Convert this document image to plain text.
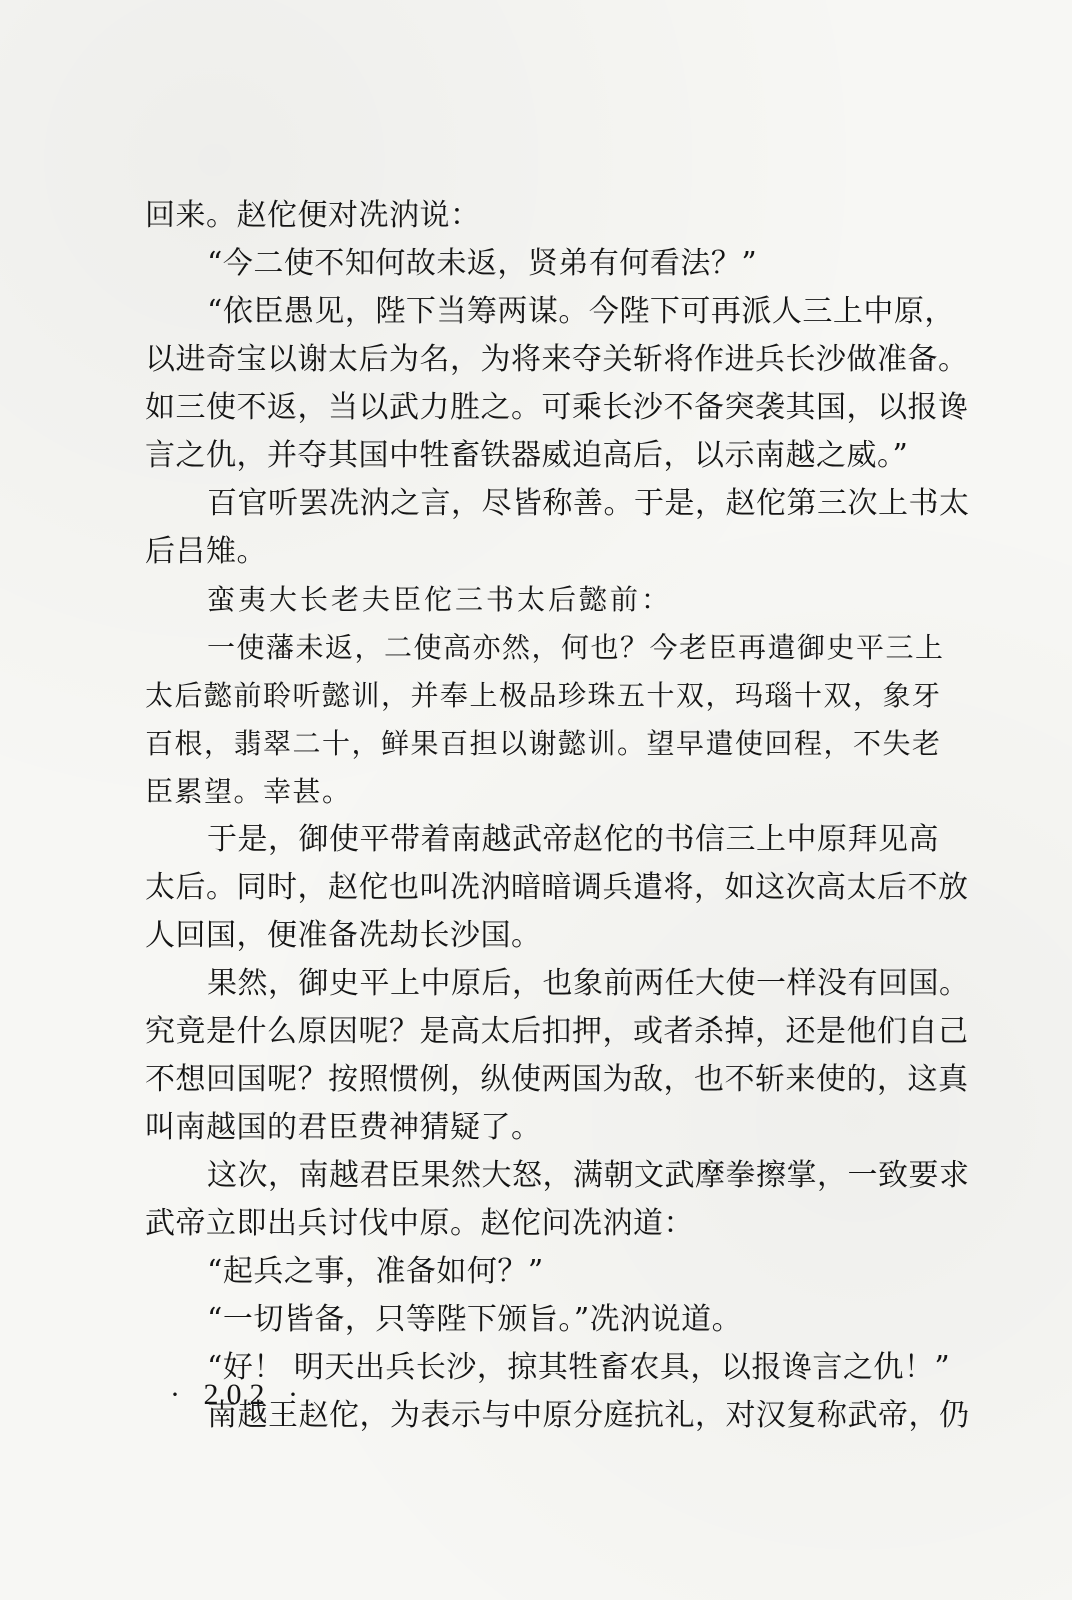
回来。赵佗便对冼汭说：
“今二使不知何故未返，贤弟有何看法？”
“依臣愚见，陛下当筹两谋。今陛下可再派人三上中原，
以进奇宝以谢太后为名，为将来夺关斩将作进兵长沙做准备。
如三使不返，当以武力胜之。可乘长沙不备突袭其国，以报谗
言之仇，并夺其国中牲畜铁器威迫高后，以示南越之威。”
百官听罢冼汭之言，尽皆称善。于是，赵佗第三次上书太
后吕雉。
蛮夷大长老夫臣佗三书太后懿前：
一使藩未返，二使高亦然，何也？今老臣再遣御史平三上
太后懿前聆听懿训，并奉上极品珍珠五十双，玛瑙十双，象牙
百根，翡翠二十，鲜果百担以谢懿训。望早遣使回程，不失老
臣累望。幸甚。
于是，御使平带着南越武帝赵佗的书信三上中原拜见高
太后。同时，赵佗也叫冼汭暗暗调兵遣将，如这次高太后不放
人回国，便准备冼劫长沙国。
果然，御史平上中原后，也象前两任大使一样没有回国。
究竟是什么原因呢？是高太后扣押，或者杀掉，还是他们自己
不想回国呢？按照惯例，纵使两国为敌，也不斩来使的，这真
叫南越国的君臣费神猜疑了。
这次，南越君臣果然大怒，满朝文武摩拳擦掌，一致要求
武帝立即出兵讨伐中原。赵佗问冼汭道：
“起兵之事，准备如何？”
“一切皆备，只等陛下颁旨。”冼汭说道。
“好！ 明天出兵长沙，掠其牲畜农具，以报谗言之仇！”
南越王赵佗，为表示与中原分庭抗礼，对汉复称武帝，仍
· 202 ·
